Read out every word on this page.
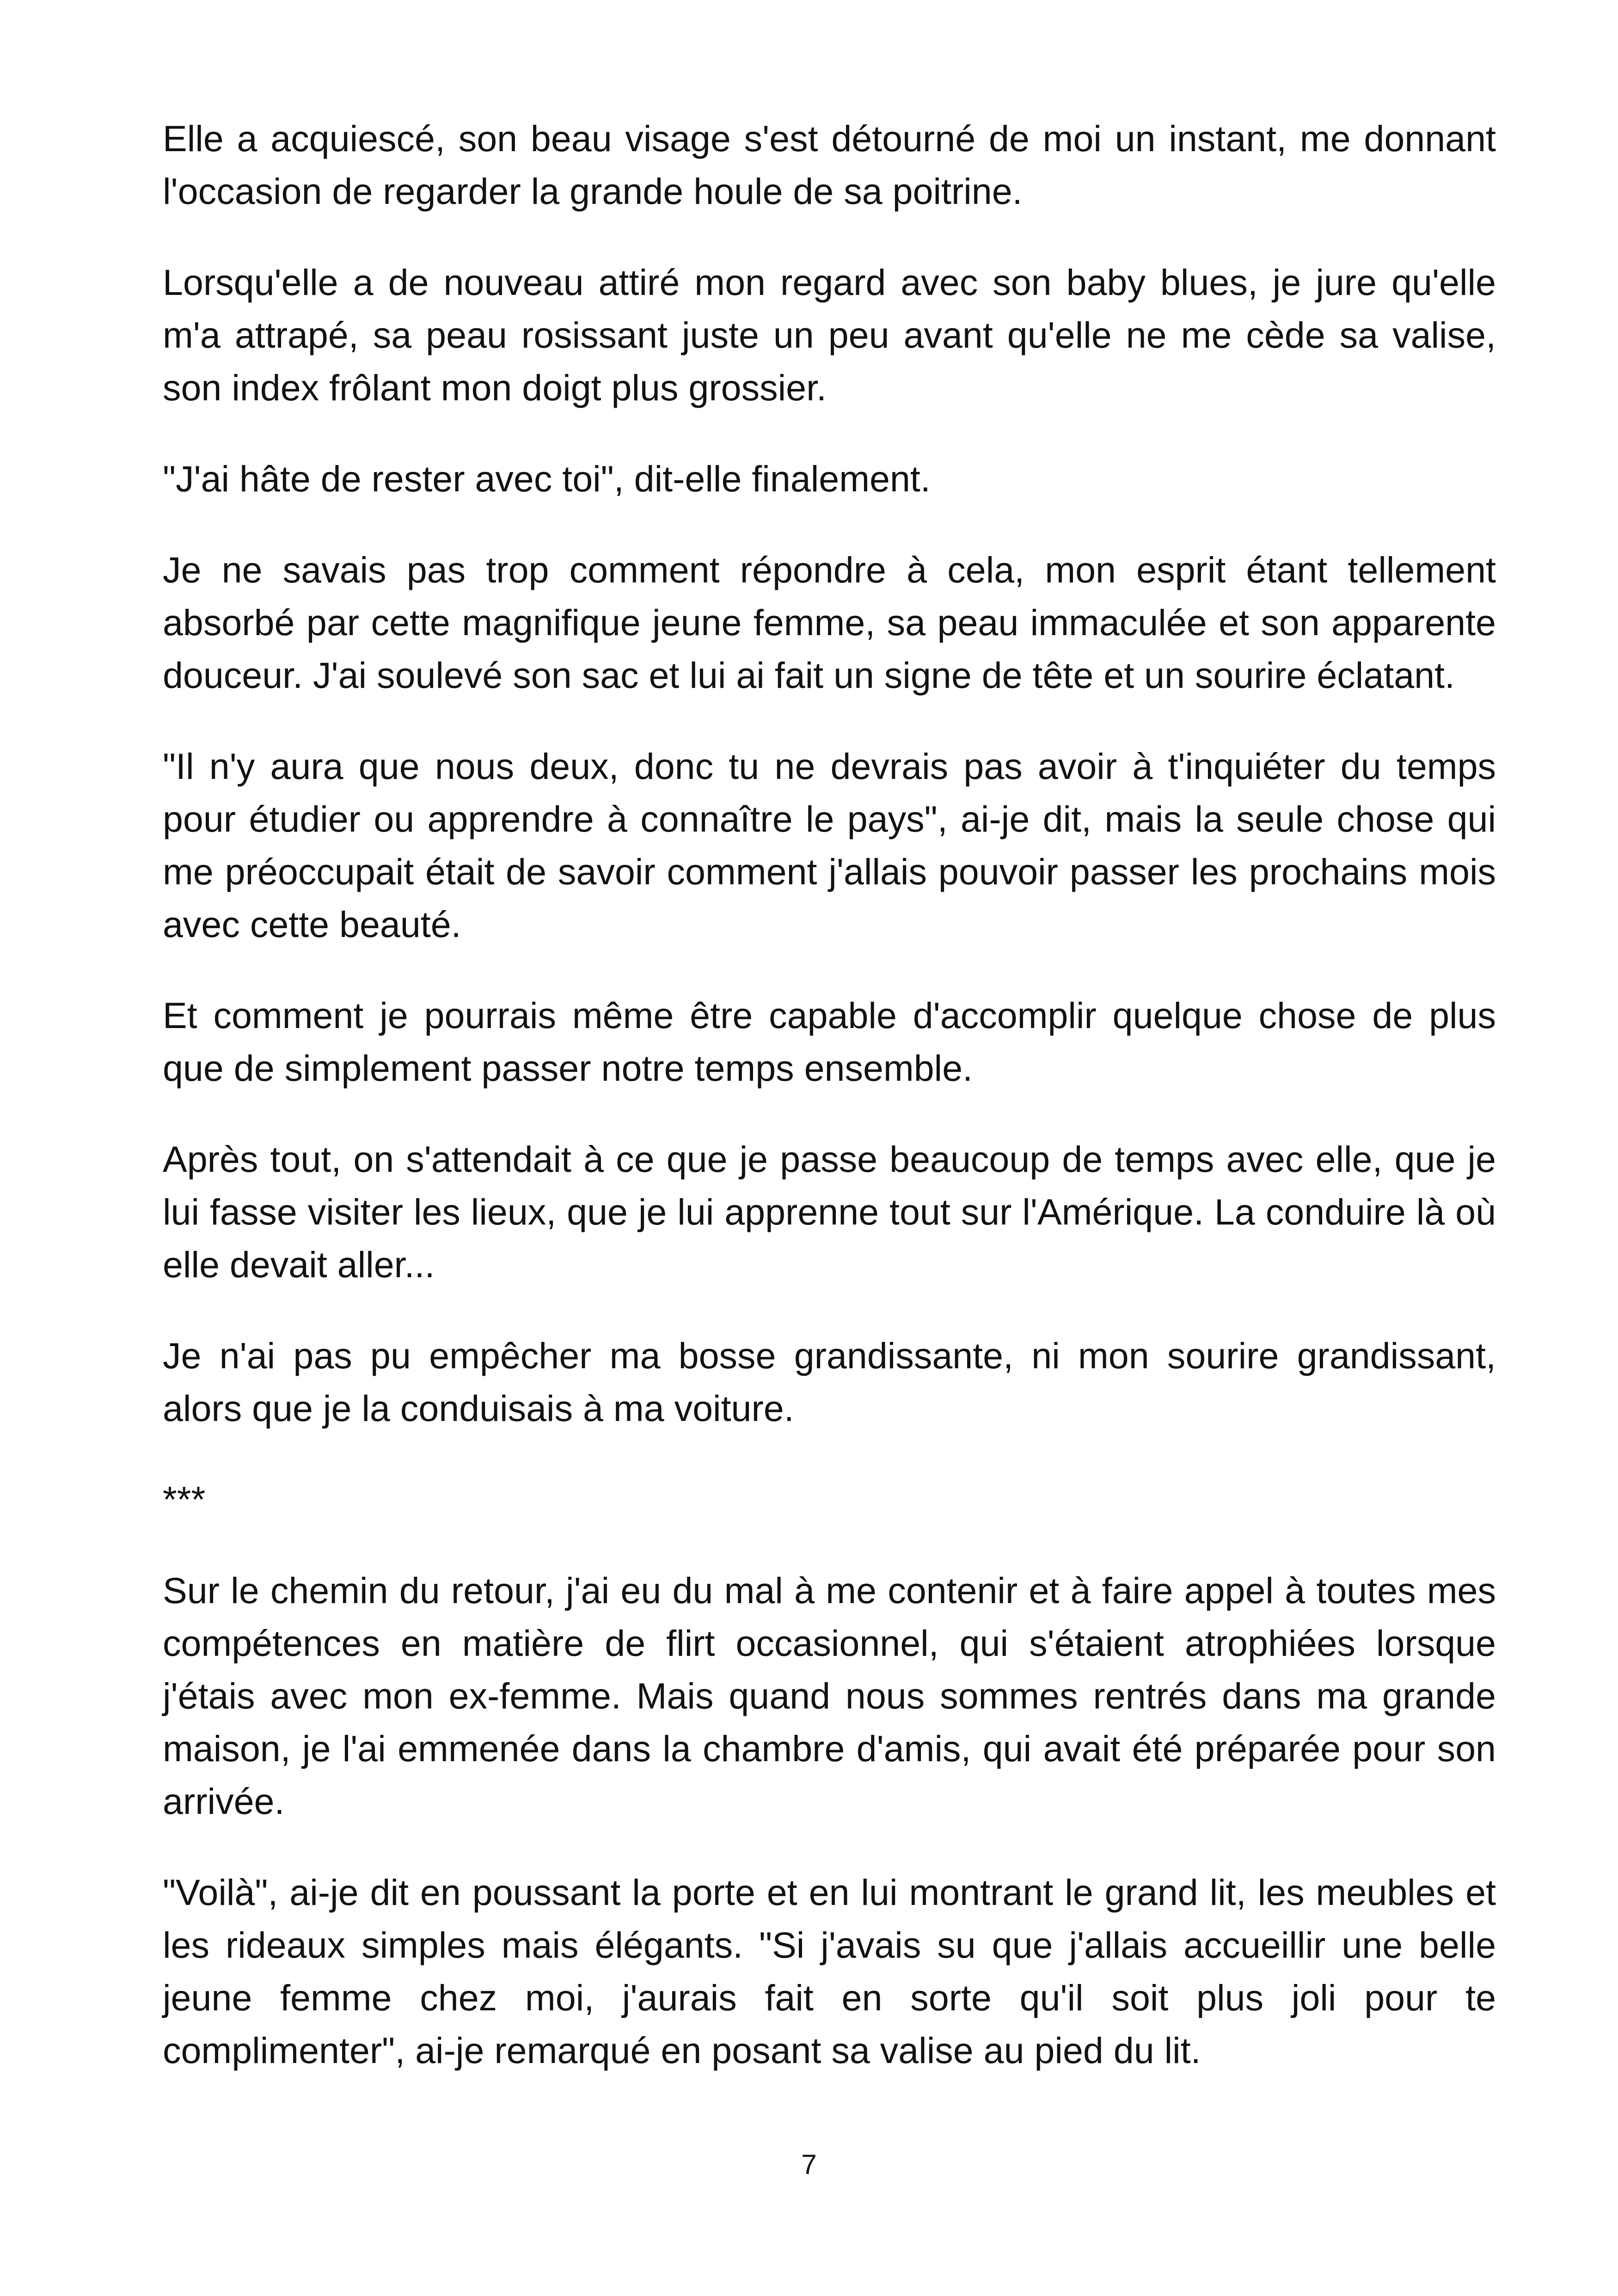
Elle a acquiescé, son beau visage s'est détourné de moi un instant, me donnant l'occasion de regarder la grande houle de sa poitrine.

Lorsqu'elle a de nouveau attiré mon regard avec son baby blues, je jure qu'elle m'a attrapé, sa peau rosissant juste un peu avant qu'elle ne me cède sa valise, son index frôlant mon doigt plus grossier.

"J'ai hâte de rester avec toi", dit-elle finalement.

Je ne savais pas trop comment répondre à cela, mon esprit étant tellement absorbé par cette magnifique jeune femme, sa peau immaculée et son apparente douceur. J'ai soulevé son sac et lui ai fait un signe de tête et un sourire éclatant.

"Il n'y aura que nous deux, donc tu ne devrais pas avoir à t'inquiéter du temps pour étudier ou apprendre à connaître le pays", ai-je dit, mais la seule chose qui me préoccupait était de savoir comment j'allais pouvoir passer les prochains mois avec cette beauté.

Et comment je pourrais même être capable d'accomplir quelque chose de plus que de simplement passer notre temps ensemble.

Après tout, on s'attendait à ce que je passe beaucoup de temps avec elle, que je lui fasse visiter les lieux, que je lui apprenne tout sur l'Amérique. La conduire là où elle devait aller...

Je n'ai pas pu empêcher ma bosse grandissante, ni mon sourire grandissant, alors que je la conduisais à ma voiture.

***

Sur le chemin du retour, j'ai eu du mal à me contenir et à faire appel à toutes mes compétences en matière de flirt occasionnel, qui s'étaient atrophiées lorsque j'étais avec mon ex-femme. Mais quand nous sommes rentrés dans ma grande maison, je l'ai emmenée dans la chambre d'amis, qui avait été préparée pour son arrivée.

"Voilà", ai-je dit en poussant la porte et en lui montrant le grand lit, les meubles et les rideaux simples mais élégants. "Si j'avais su que j'allais accueillir une belle jeune femme chez moi, j'aurais fait en sorte qu'il soit plus joli pour te complimenter", ai-je remarqué en posant sa valise au pied du lit.

7
